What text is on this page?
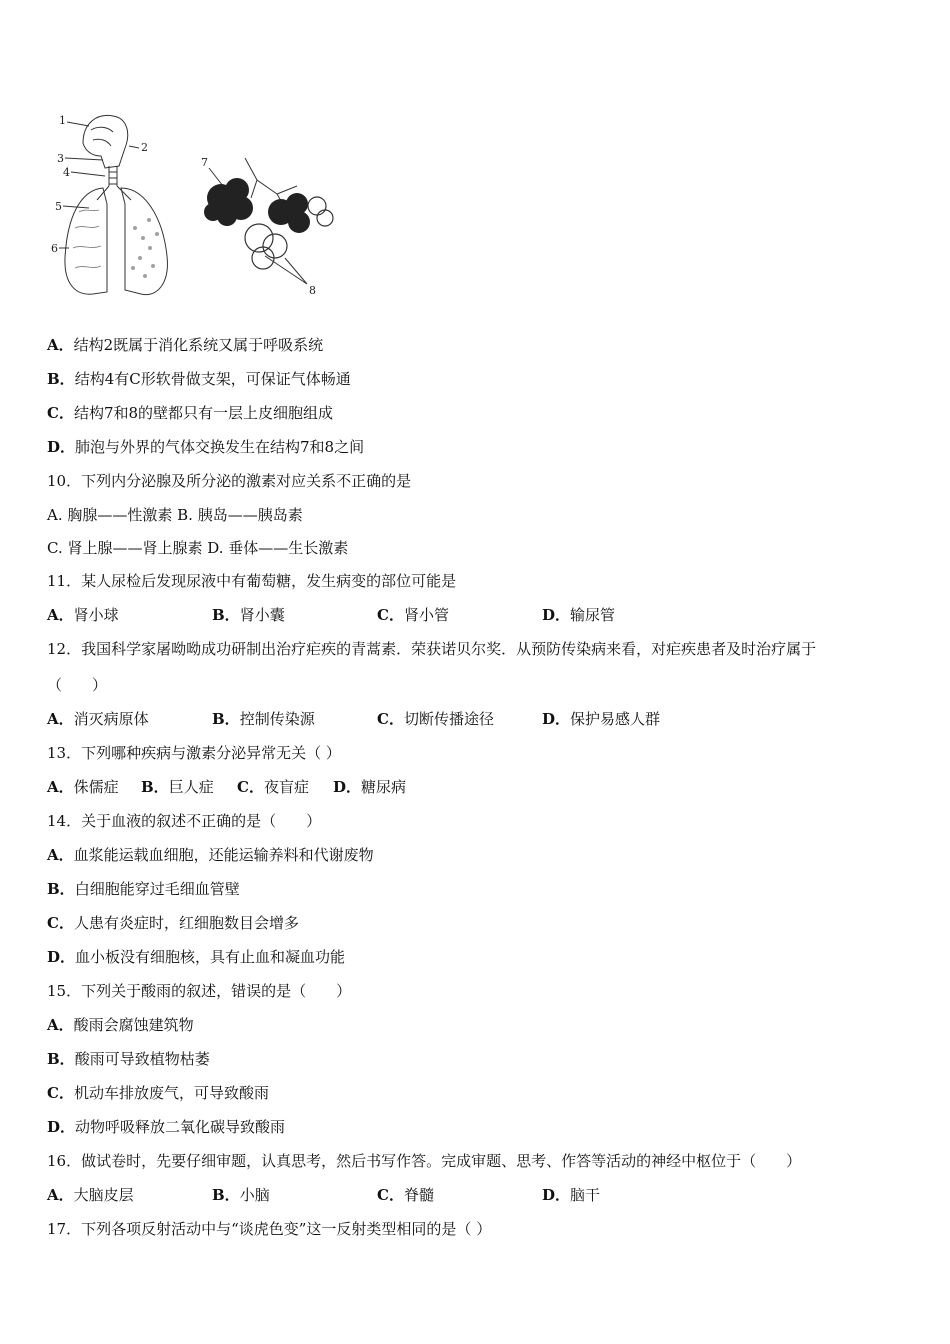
1
2
3
4
5
6
7
8
A．结构2既属于消化系统又属于呼吸系统
B．结构4有C形软骨做支架，可保证气体畅通
C．结构7和8的壁都只有一层上皮细胞组成
D．肺泡与外界的气体交换发生在结构7和8之间
10．下列内分泌腺及所分泌的激素对应关系不正确的是
A. 胸腺——性激素 B. 胰岛——胰岛素
C. 肾上腺——肾上腺素 D. 垂体——生长激素
11．某人尿检后发现尿液中有葡萄糖，发生病变的部位可能是
A．肾小球	B．肾小囊	C．肾小管	D．输尿管
12．我国科学家屠呦呦成功研制出治疗疟疾的青蒿素．荣获诺贝尔奖．从预防传染病来看，对疟疾患者及时治疗属于
（　　）
A．消灭病原体	B．控制传染源	C．切断传播途径	D．保护易感人群
13．下列哪种疾病与激素分泌异常无关（ ）
A．侏儒症 B．巨人症 C．夜盲症 D．糖尿病
14．关于血液的叙述不正确的是（　　）
A．血浆能运载血细胞，还能运输养料和代谢废物
B．白细胞能穿过毛细血管壁
C．人患有炎症时，红细胞数目会增多
D．血小板没有细胞核，具有止血和凝血功能
15．下列关于酸雨的叙述，错误的是（　　）
A．酸雨会腐蚀建筑物
B．酸雨可导致植物枯萎
C．机动车排放废气，可导致酸雨
D．动物呼吸释放二氧化碳导致酸雨
16．做试卷时，先要仔细审题，认真思考，然后书写作答。完成审题、思考、作答等活动的神经中枢位于（　　）
A．大脑皮层	B．小脑	C．脊髓	D．脑干
17．下列各项反射活动中与“谈虎色变”这一反射类型相同的是（ ）
